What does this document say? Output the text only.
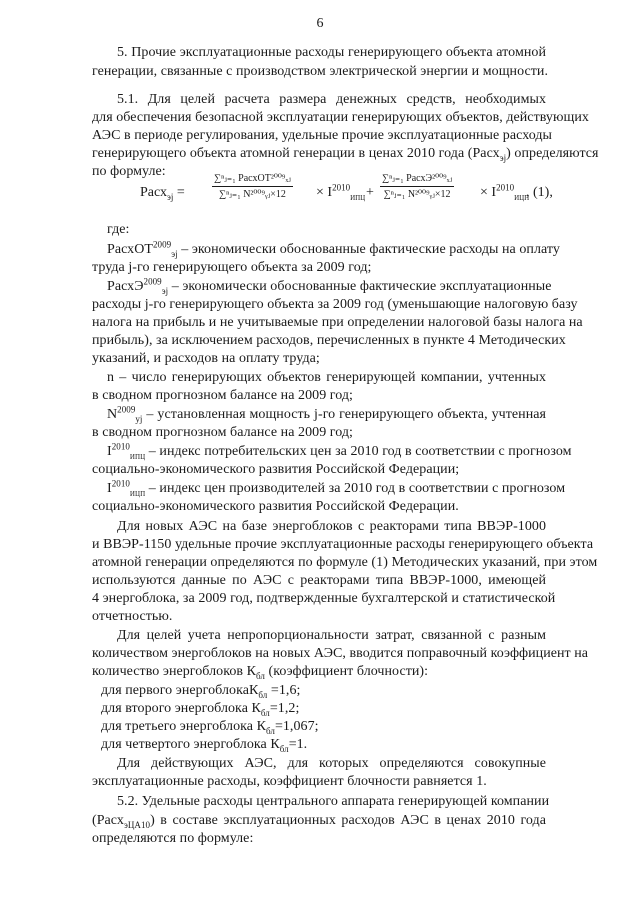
6
5. Прочие эксплуатационные расходы генерирующего объекта атомной
генерации, связанные с производством электрической энергии и мощности.
5.1. Для целей расчета размера денежных средств, необходимых
для обеспечения безопасной эксплуатации генерирующих объектов, действующих
АЭС в периоде регулирования, удельные прочие эксплуатационные расходы
генерирующего объекта атомной генерации в ценах 2010 года (Расх$_{эj}$) определяются
по формуле:
Расх$_{эj}$ =
∑ⁿⱼ₌₁ РасхОТ²⁰⁰⁹ₓⱼ
∑ⁿⱼ₌₁ N²⁰⁰⁹ᵧⱼ×12	× $I^{2010}_{ИПЦ}$ +
∑ⁿⱼ₌₁ РасхЭ²⁰⁰⁹ₓⱼ
∑ⁿⱼ₌₁ N²⁰⁰⁹ᵧⱼ×12 × $I^{2010}_{ИЦП}$
, (1),
где:
РасхОТ$^{2009}_{эj}$ – экономически обоснованные фактические расходы на оплату
труда j-го генерирующего объекта за 2009 год;
РасхЭ$^{2009}_{эj}$ – экономически обоснованные фактические эксплуатационные
расходы j-го генерирующего объекта за 2009 год (уменьшающие налоговую базу
налога на прибыль и не учитываемые при определении налоговой базы налога на
прибыль), за исключением расходов, перечисленных в пункте 4 Методических
указаний, и расходов на оплату труда;
n – число генерирующих объектов генерирующей компании, учтенных
в сводном прогнозном балансе на 2009 год;
$N^{2009}_{yj}$ – установленная мощность j-го генерирующего объекта, учтенная
в сводном прогнозном балансе на 2009 год;
$I^{2010}_{ИПЦ}$ – индекс потребительских цен за 2010 год в соответствии с прогнозом
социально-экономического развития Российской Федерации;
$I^{2010}_{ИЦП}$ – индекс цен производителей за 2010 год в соответствии с прогнозом
социально-экономического развития Российской Федерации.
Для новых АЭС на базе энергоблоков с реакторами типа ВВЭР-1000
и ВВЭР-1150 удельные прочие эксплуатационные расходы генерирующего объекта
атомной генерации определяются по формуле (1) Методических указаний, при этом
используются данные по АЭС с реакторами типа ВВЭР-1000, имеющей
4 энергоблока, за 2009 год, подтвержденные бухгалтерской и статистической
отчетностью.
Для целей учета непропорциональности затрат, связанной с разным
количеством энергоблоков на новых АЭС, вводится поправочный коэффициент на
количество энергоблоков $К_{бл}$ (коэффициент блочности):
для первого энергоблокаК$_{бл}$ =1,6;
для второго энергоблока $К_{бл}=1,2$;
для третьего энергоблока $К_{бл}=1,067$;
для четвертого энергоблока $К_{бл}=1$.
Для действующих АЭС, для которых определяются совокупные
эксплуатационные расходы, коэффициент блочности равняется 1.
5.2. Удельные расходы центрального аппарата генерирующей компании
(Расх$_{эЦА10}$) в составе эксплуатационных расходов АЭС в ценах 2010 года
определяются по формуле:
